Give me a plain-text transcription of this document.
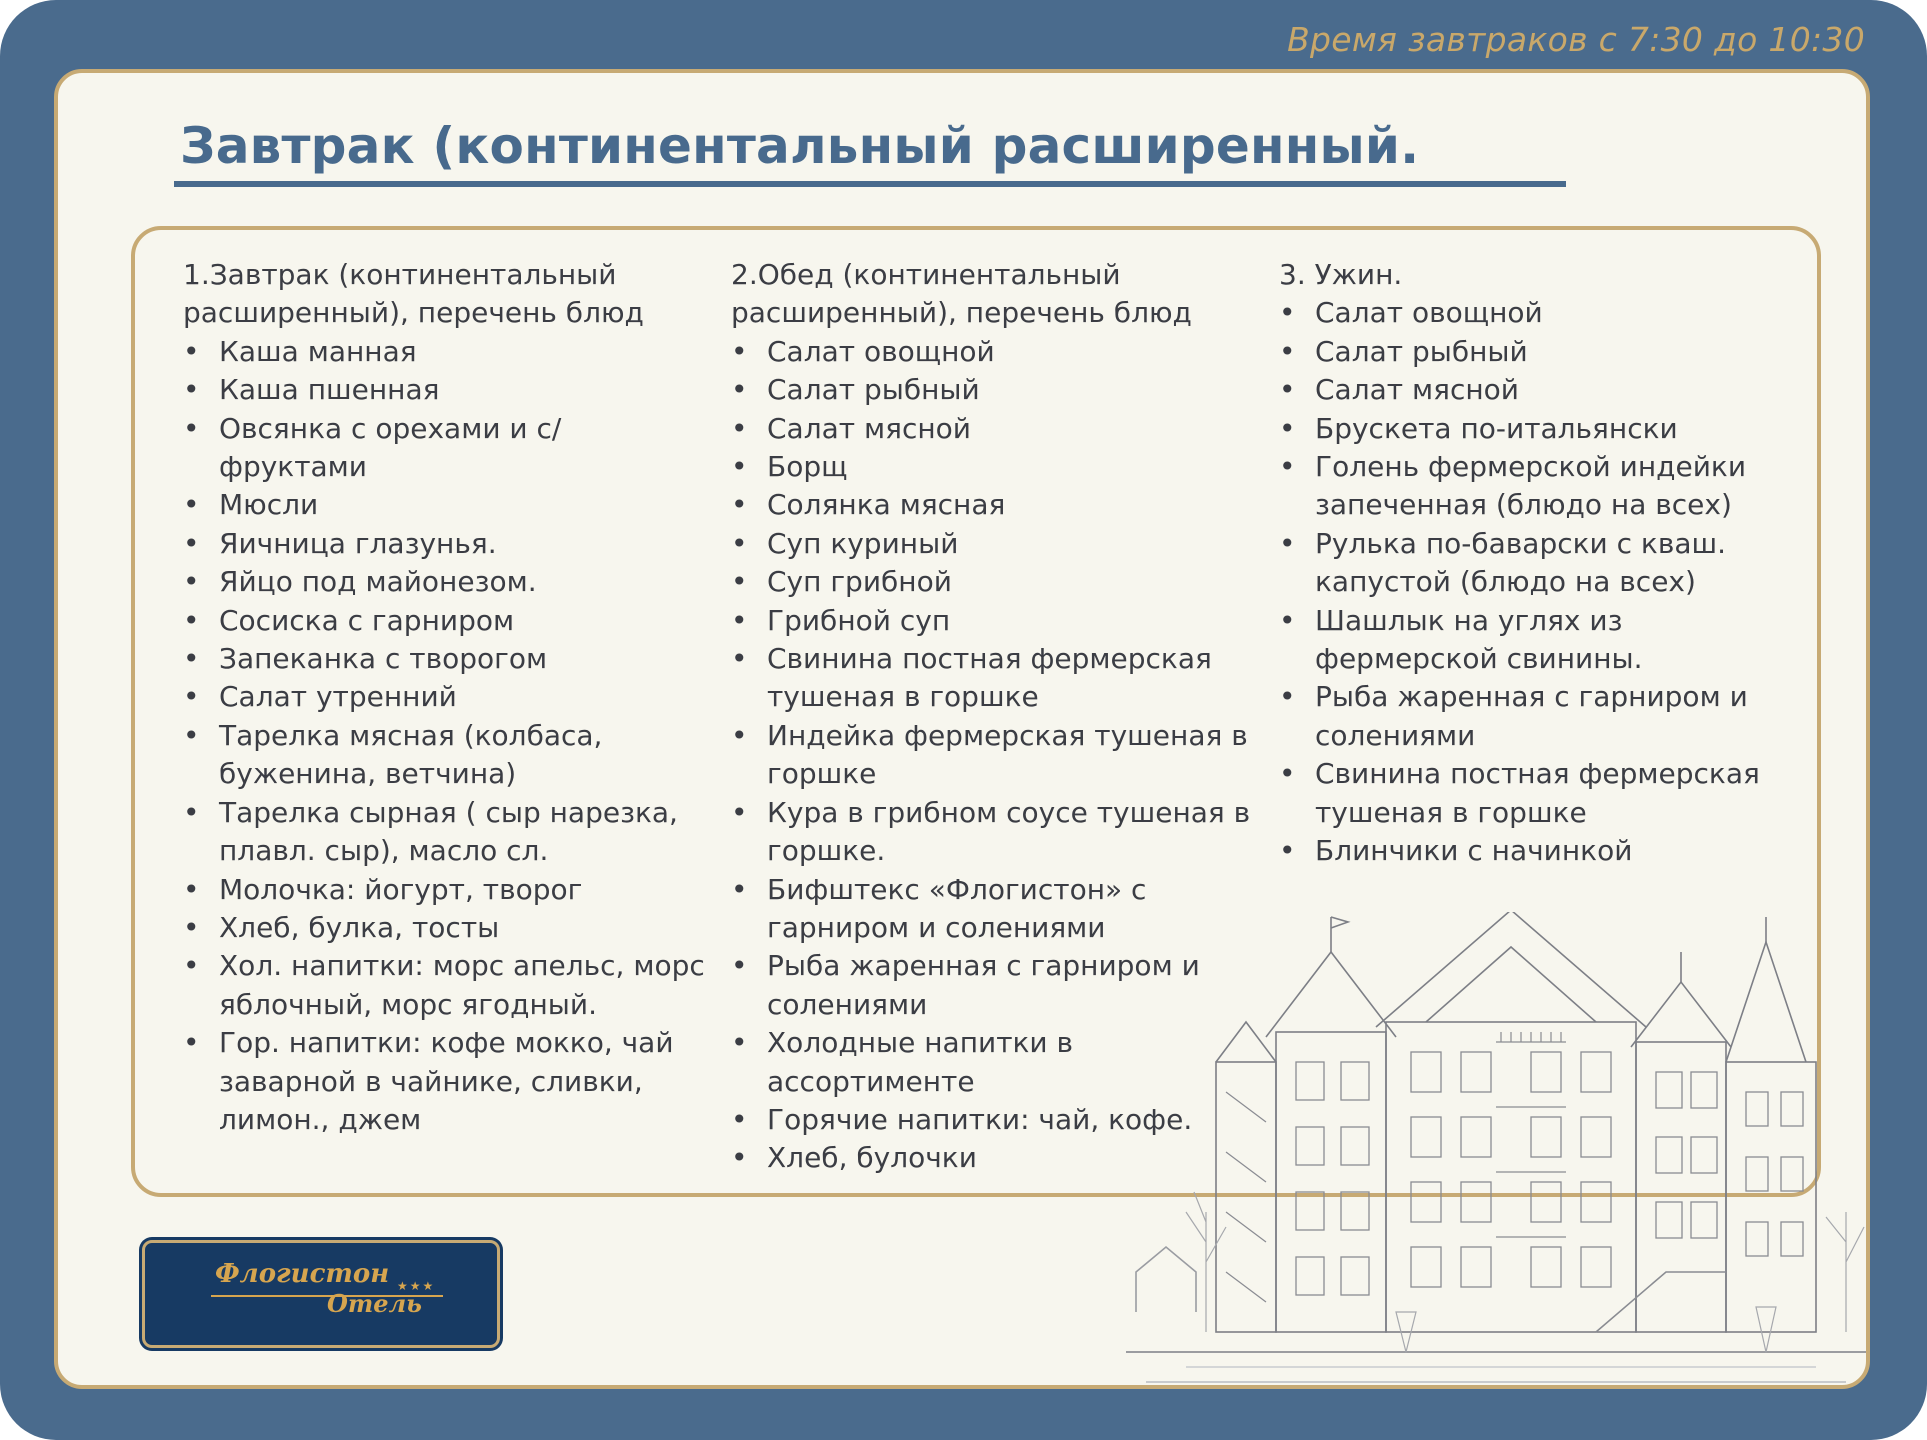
Время завтраков с 7:30 до 10:30
Завтрак (континентальный расширенный.

1.Завтрак (континентальный расширенный), перечень блюд

• Каша манная
• Каша пшенная
• Овсянка с орехами и с/ фруктами
• Мюсли
• Яичница глазунья.
• Яйцо под майонезом.
• Сосиска с гарниром
• Запеканка с творогом
• Салат утренний
• Тарелка мясная (колбаса, буженина, ветчина)
• Тарелка сырная ( сыр нарезка, плавл. сыр), масло сл.
• Молочка: йогурт, творог
• Хлеб, булка, тосты
• Хол. напитки: морс апельс, морс яблочный, морс ягодный.
• Гор. напитки: кофе мокко, чай заварной в чайнике, сливки, лимон., джем

2.Обед (континентальный расширенный), перечень блюд

• Салат овощной
• Салат рыбный
• Салат мясной
• Борщ
• Солянка мясная
• Суп куриный
• Суп грибной
• Грибной суп
• Свинина постная фермерская тушеная в горшке
• Индейка фермерская тушеная в горшке
• Кура в грибном соусе тушеная в горшке.
• Бифштекс «Флогистон» с гарниром и солениями
• Рыба жаренная с гарниром и солениями
• Холодные напитки в ассортименте
• Горячие напитки: чай, кофе.
• Хлеб, булочки

3. Ужин.

• Салат овощной
• Салат рыбный
• Салат мясной
• Брускета по-итальянски
• Голень фермерской индейки запеченная (блюдо на всех)
• Рулька по-баварски с кваш. капустой (блюдо на всех)
• Шашлык на углях из фермерской свинины.
• Рыба жаренная с гарниром и солениями
• Свинина постная фермерская тушеная в горшке
• Блинчики с начинкой
Флогистон ★★★
Отель
